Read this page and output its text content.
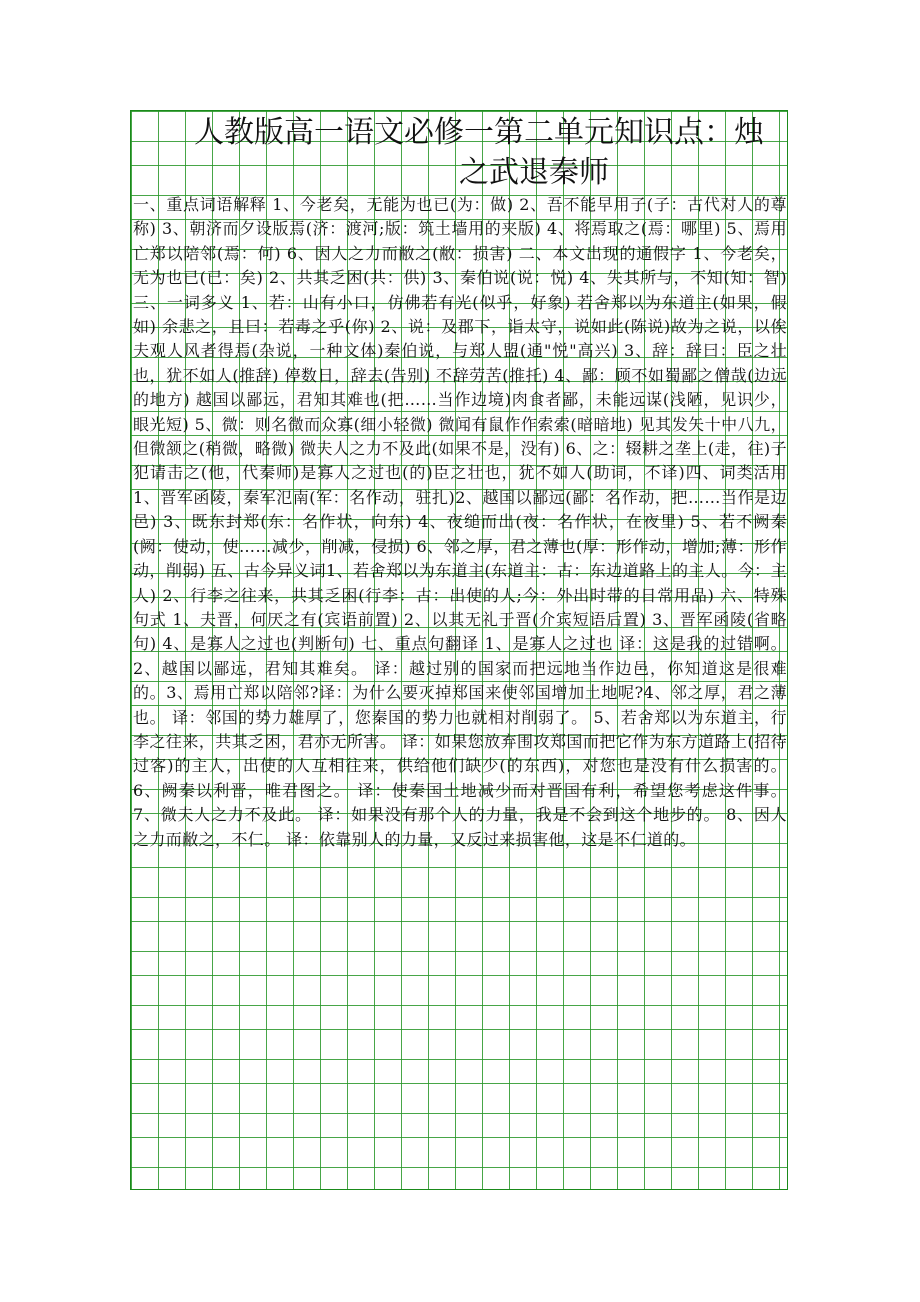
人教版高一语文必修一第二单元知识点：烛
之武退秦师

一、重点词语解释 1、今老矣，无能为也已(为：做) 2、吾不能早用子(子：古代对人的尊称) 3、朝济而夕设版焉(济：渡河;版：筑土墙用的夹版) 4、将焉取之(焉：哪里) 5、焉用亡郑以陪邻(焉：何) 6、因人之力而敝之(敝：损害) 二、本文出现的通假字 1、今老矣，无为也已(已：矣) 2、共其乏困(共：供) 3、秦伯说(说：悦) 4、失其所与，不知(知：智) 三、一词多义 1、若：山有小口，仿佛若有光(似乎，好象) 若舍郑以为东道主(如果，假如) 余悲之，且曰：若毒之乎(你) 2、说：及郡下，诣太守，说如此(陈说)故为之说，以俟夫观人风者得焉(杂说，一种文体)秦伯说，与郑人盟(通"悦"高兴) 3、辞：辞曰：臣之壮也，犹不如人(推辞) 停数日，辞去(告别) 不辞劳苦(推托) 4、鄙：顾不如蜀鄙之僧哉(边远的地方) 越国以鄙远，君知其难也(把……当作边境)肉食者鄙，未能远谋(浅陋，见识少，眼光短) 5、微：则名微而众寡(细小轻微) 微闻有鼠作作索索(暗暗地) 见其发矢十中八九，但微颔之(稍微，略微) 微夫人之力不及此(如果不是，没有) 6、之：辍耕之垄上(走，往)子犯请击之(他，代秦师)是寡人之过也(的)臣之壮也，犹不如人(助词，不译)四、词类活用1、晋军函陵，秦军氾南(军：名作动，驻扎)2、越国以鄙远(鄙：名作动，把……当作是边邑) 3、既东封郑(东：名作状，向东) 4、夜缒而出(夜：名作状，在夜里) 5、若不阙秦(阙：使动，使……减少，削减，侵损) 6、邻之厚，君之薄也(厚：形作动，增加;薄：形作动，削弱) 五、古今异义词1、若舍郑以为东道主(东道主：古：东边道路上的主人。今：主人) 2、行李之往来，共其乏困(行李：古：出使的人;今：外出时带的日常用品) 六、特殊句式 1、夫晋，何厌之有(宾语前置) 2、以其无礼于晋(介宾短语后置) 3、晋军函陵(省略句) 4、是寡人之过也(判断句) 七、重点句翻译 1、是寡人之过也 译：这是我的过错啊。 2、越国以鄙远，君知其难矣。 译：越过别的国家而把远地当作边邑，你知道这是很难的。3、焉用亡郑以陪邻?译：为什么要灭掉郑国来使邻国增加土地呢?4、邻之厚，君之薄也。 译：邻国的势力雄厚了，您秦国的势力也就相对削弱了。 5、若舍郑以为东道主，行李之往来，共其乏困，君亦无所害。 译：如果您放弃围攻郑国而把它作为东方道路上(招待过客)的主人，出使的人互相往来，供给他们缺少(的东西)，对您也是没有什么损害的。 6、阙秦以利晋，唯君图之。 译：使秦国土地减少而对晋国有利，希望您考虑这件事。 7、微夫人之力不及此。 译：如果没有那个人的力量，我是不会到这个地步的。 8、因人之力而敝之，不仁。 译：依靠别人的力量，又反过来损害他，这是不仁道的。
